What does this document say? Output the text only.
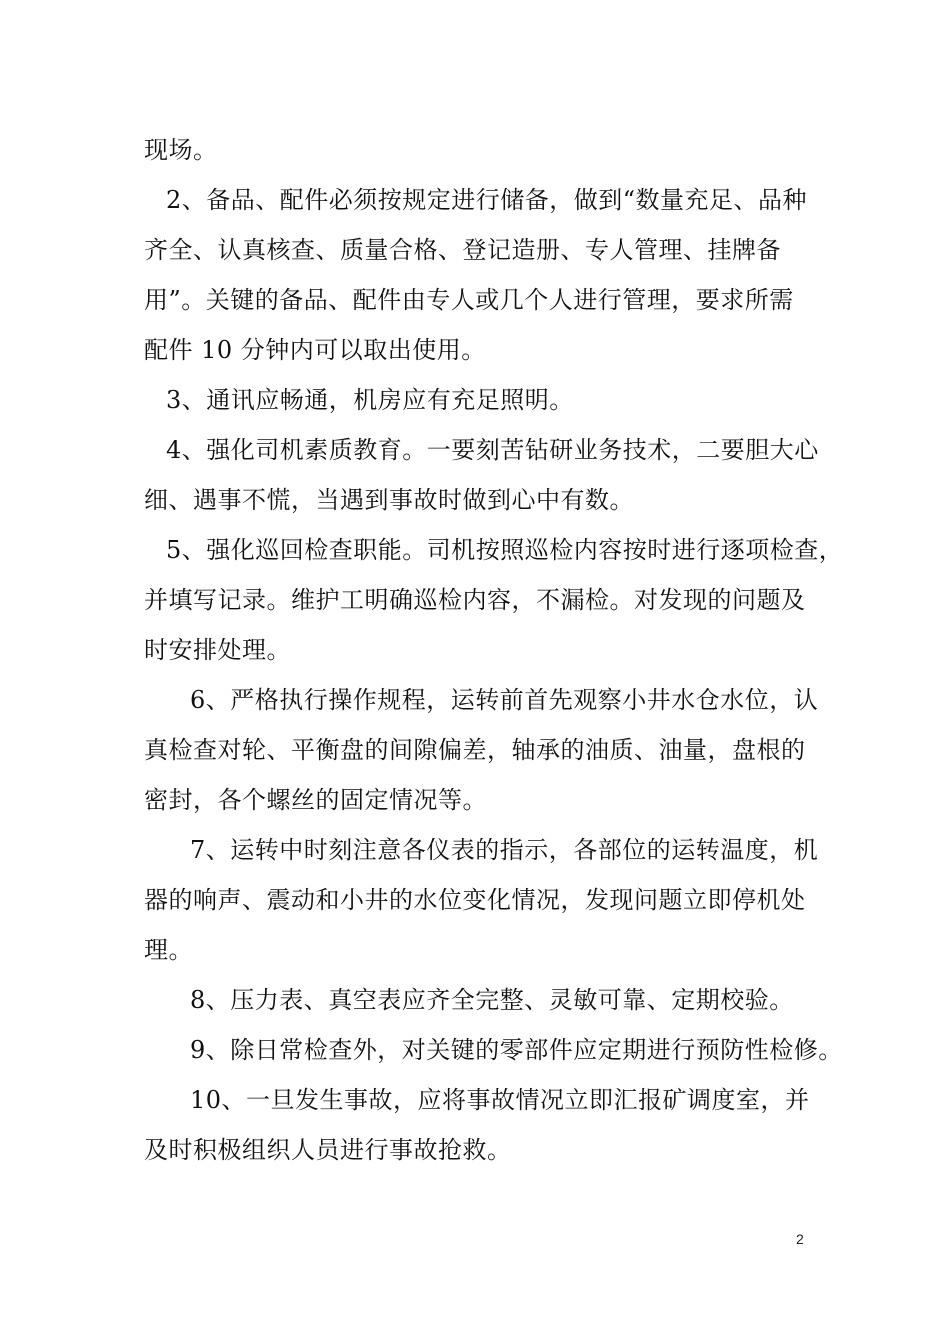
现场。
2、备品、配件必须按规定进行储备，做到“数量充足、品种
齐全、认真核查、质量合格、登记造册、专人管理、挂牌备
用”。关键的备品、配件由专人或几个人进行管理，要求所需
配件 10 分钟内可以取出使用。
3、通讯应畅通，机房应有充足照明。
4、强化司机素质教育。一要刻苦钻研业务技术，二要胆大心
细、遇事不慌，当遇到事故时做到心中有数。
5、强化巡回检查职能。司机按照巡检内容按时进行逐项检查，
并填写记录。维护工明确巡检内容，不漏检。对发现的问题及
时安排处理。
6、严格执行操作规程，运转前首先观察小井水仓水位，认
真检查对轮、平衡盘的间隙偏差，轴承的油质、油量，盘根的
密封，各个螺丝的固定情况等。
7、运转中时刻注意各仪表的指示，各部位的运转温度，机
器的响声、震动和小井的水位变化情况，发现问题立即停机处
理。
8、压力表、真空表应齐全完整、灵敏可靠、定期校验。
9、除日常检查外，对关键的零部件应定期进行预防性检修。
10、一旦发生事故，应将事故情况立即汇报矿调度室，并
及时积极组织人员进行事故抢救。
2
